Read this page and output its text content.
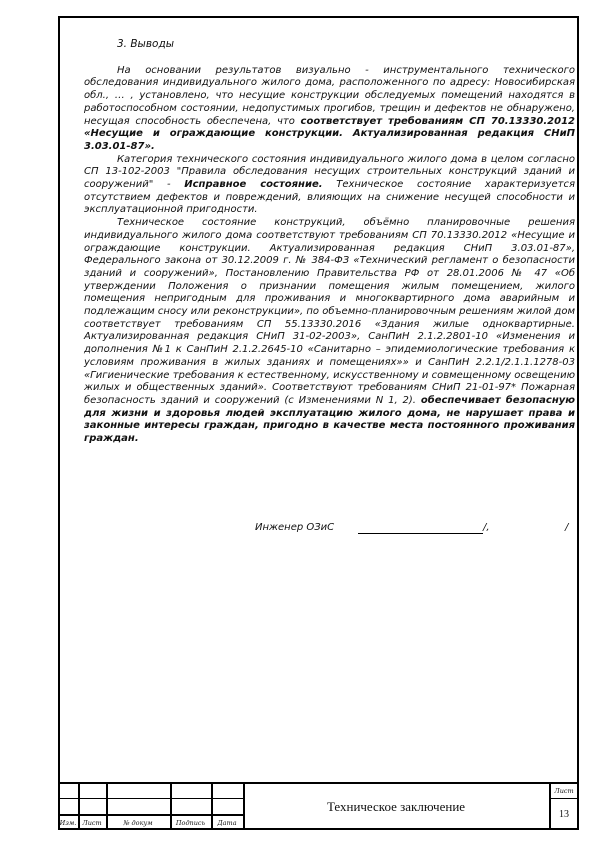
3. Выводы

На основании результатов визуально - инструментального технического обследования индивидуального жилого дома, расположенного по адресу: Новосибирская обл., … , установлено, что несущие конструкции обследуемых помещений находятся в работоспособном состоянии, недопустимых прогибов, трещин и дефектов не обнаружено, несущая способность обеспечена, что соответствует требованиям СП 70.13330.2012 «Несущие и ограждающие конструкции. Актуализированная редакция СНиП 3.03.01-87».

Категория технического состояния индивидуального жилого дома в целом согласно СП 13-102-2003 "Правила обследования несущих строительных конструкций зданий и сооружений" - Исправное состояние. Техническое состояние характеризуется отсутствием дефектов и повреждений, влияющих на снижение несущей способности и эксплуатационной пригодности.

Техническое состояние конструкций, объёмно планировочные решения индивидуального жилого дома соответствуют требованиям СП 70.13330.2012 «Несущие и ограждающие конструкции. Актуализированная редакция СНиП 3.03.01-87», Федерального закона от 30.12.2009 г. № 384-ФЗ «Технический регламент о безопасности зданий и сооружений», Постановлению Правительства РФ от 28.01.2006 № 47 «Об утверждении Положения о признании помещения жилым помещением, жилого помещения непригодным для проживания и многоквартирного дома аварийным и подлежащим сносу или реконструкции», по объемно-планировочным решениям жилой дом соответствует требованиям СП 55.13330.2016 «Здания жилые одноквартирные. Актуализированная редакция СНиП 31-02-2003», СанПиН 2.1.2.2801-10 «Изменения и дополнения №1 к СанПиН 2.1.2.2645-10 «Санитарно – эпидемиологические требования к условиям проживания в жилых зданиях и помещениях»» и СанПиН 2.2.1/2.1.1.1278-03 «Гигиенические требования к естественному, искусственному и совмещенному освещению жилых и общественных зданий». Соответствуют требованиям СНиП 21-01-97* Пожарная безопасность зданий и сооружений (с Изменениями N 1, 2). обеспечивает безопасную для жизни и здоровья людей эксплуатацию жилого дома, не нарушает права и законные интересы граждан, пригодно в качестве места постоянного проживания граждан.

Инженер ОЗиС	/,	/
Изм. Лист	№ докум	Подпись	Дата
Лист
Техническое заключение
13
